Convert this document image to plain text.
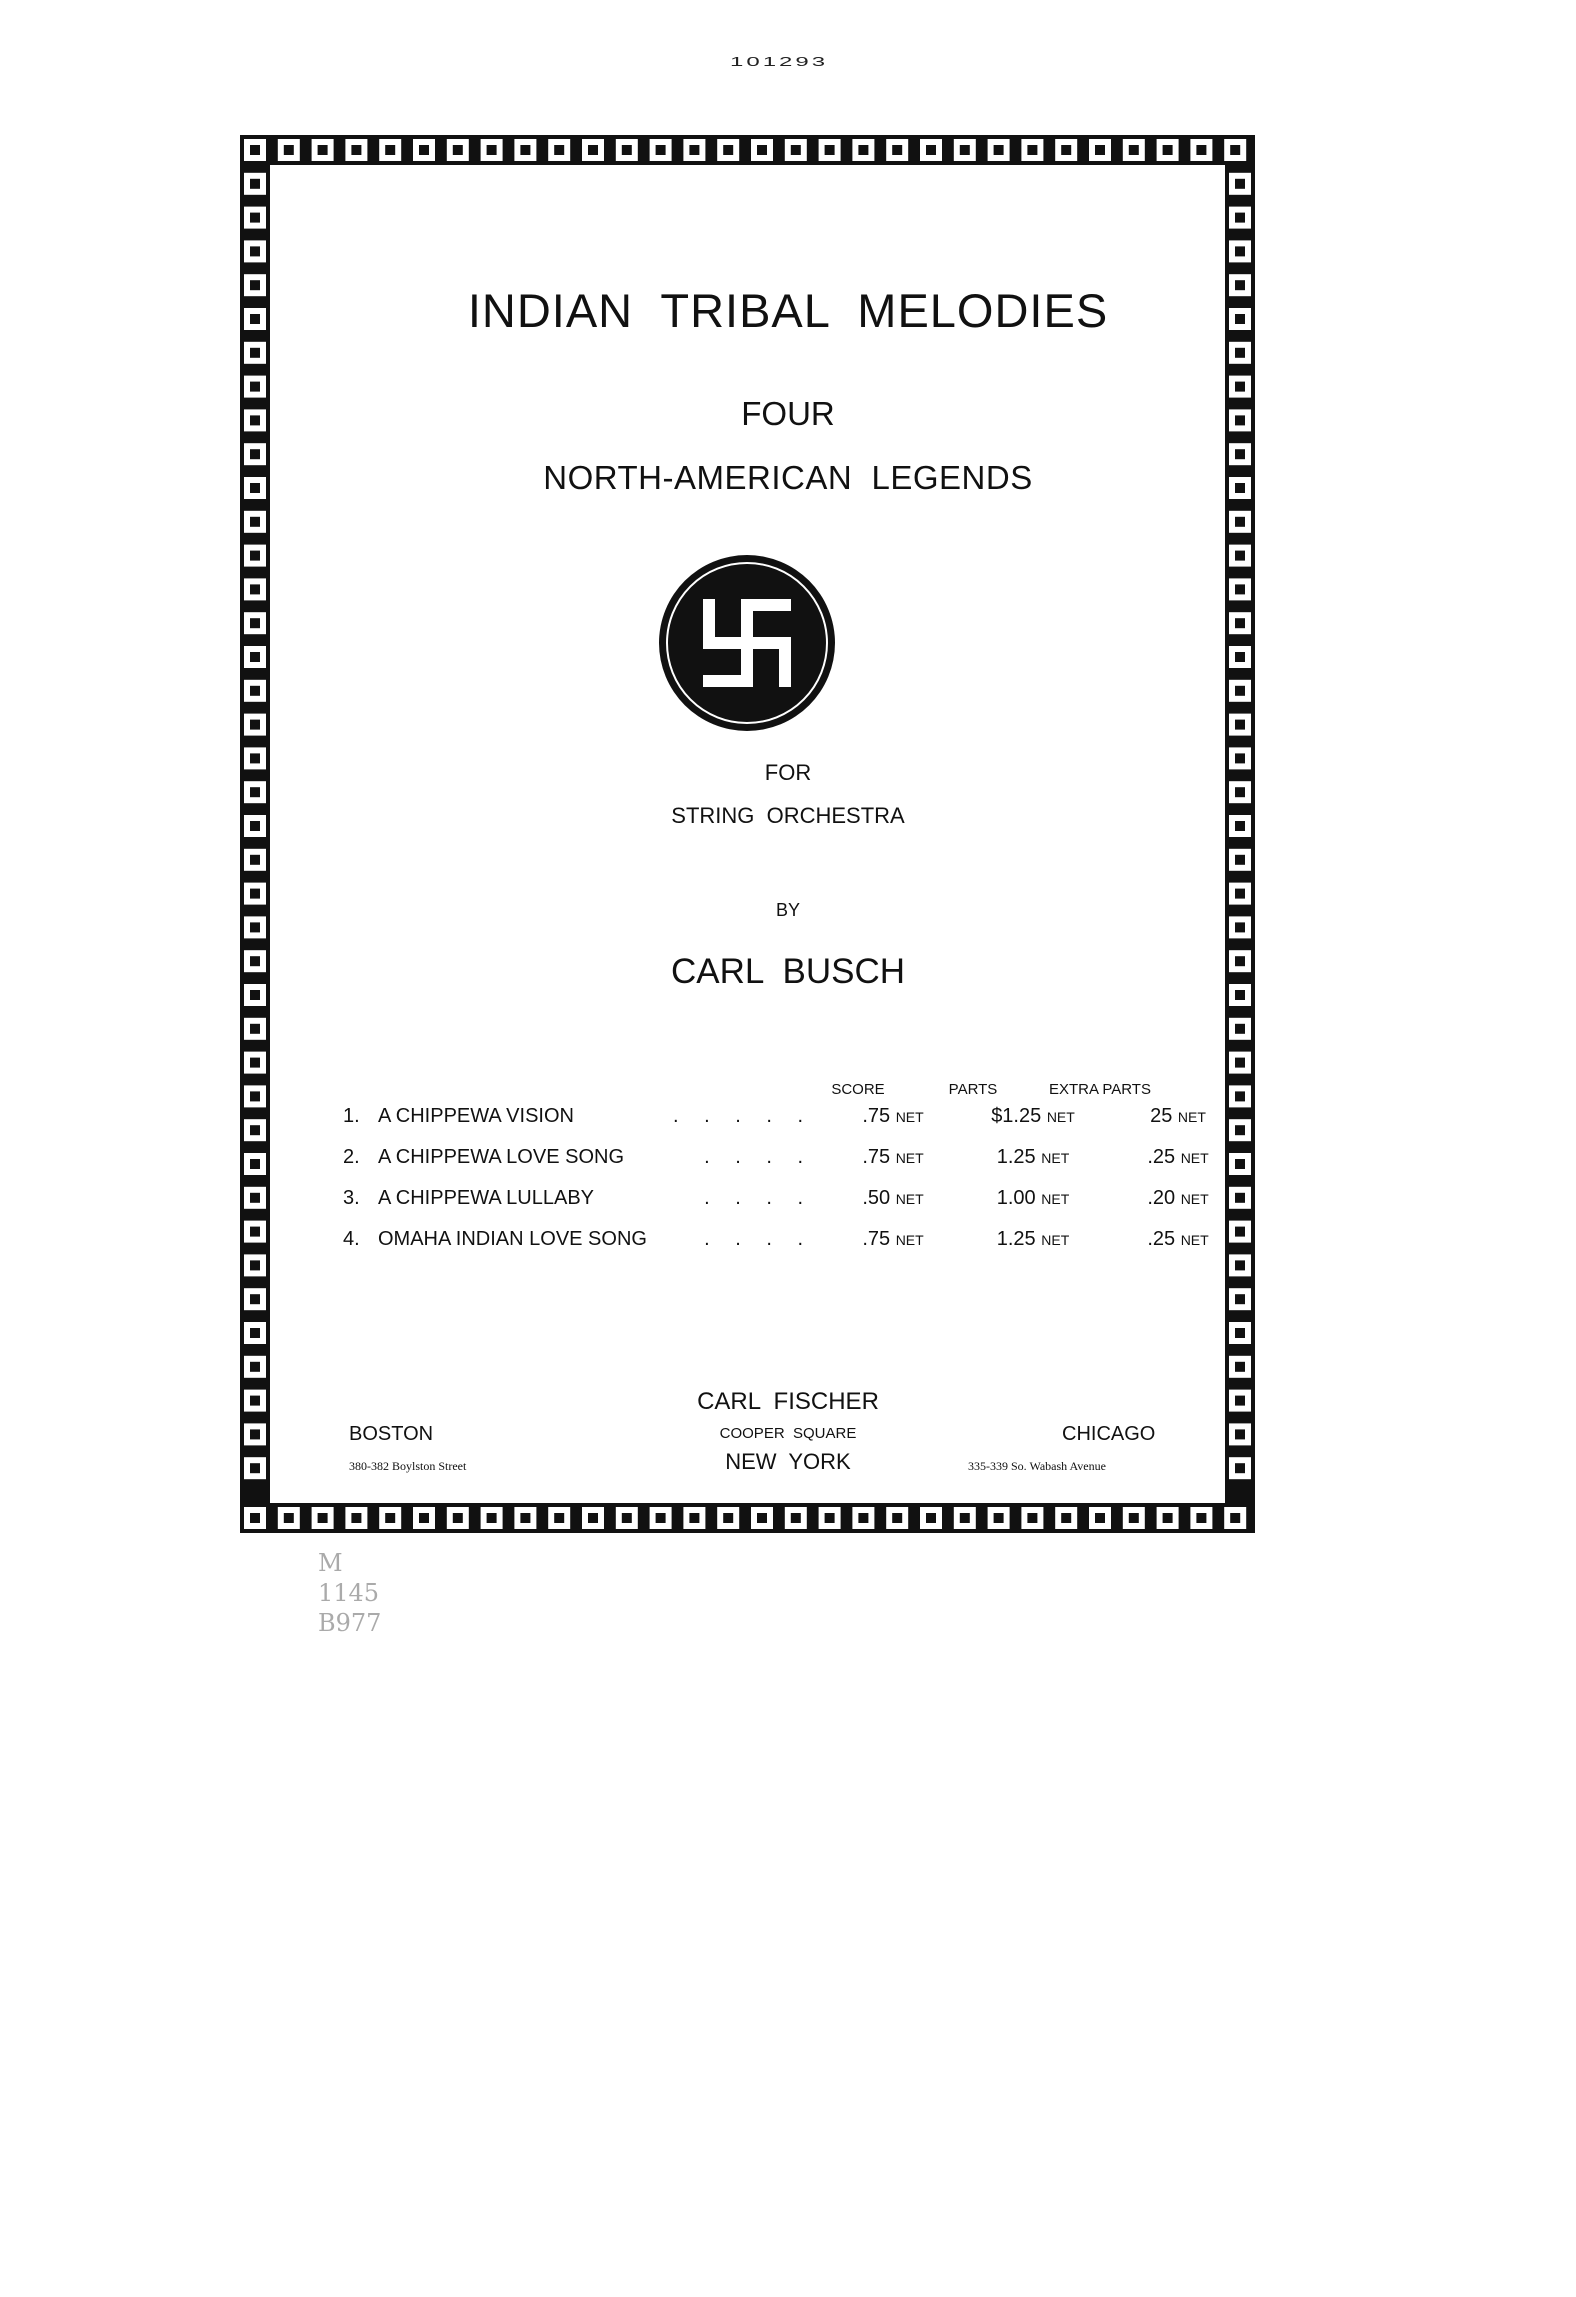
101293
INDIAN  TRIBAL  MELODIES
FOUR
NORTH-AMERICAN  LEGENDS
FOR
STRING  ORCHESTRA
BY
CARL  BUSCH
SCORE	PARTS	EXTRA PARTS
1. A CHIPPEWA VISION	. . . . .	.75 NET	$1.25 NET	25 NET
2. A CHIPPEWA LOVE SONG . . . .	.75 NET	1.25 NET	.25 NET
3. A CHIPPEWA LULLABY	. . . .	.50 NET	1.00 NET	.20 NET
4. OMAHA INDIAN LOVE SONG . . . .	.75 NET	1.25 NET	.25 NET
CARL  FISCHER
COOPER  SQUARE
NEW  YORK
BOSTON
380-382 Boylston Street
CHICAGO
335-339 So. Wabash Avenue
M
1145
B977
